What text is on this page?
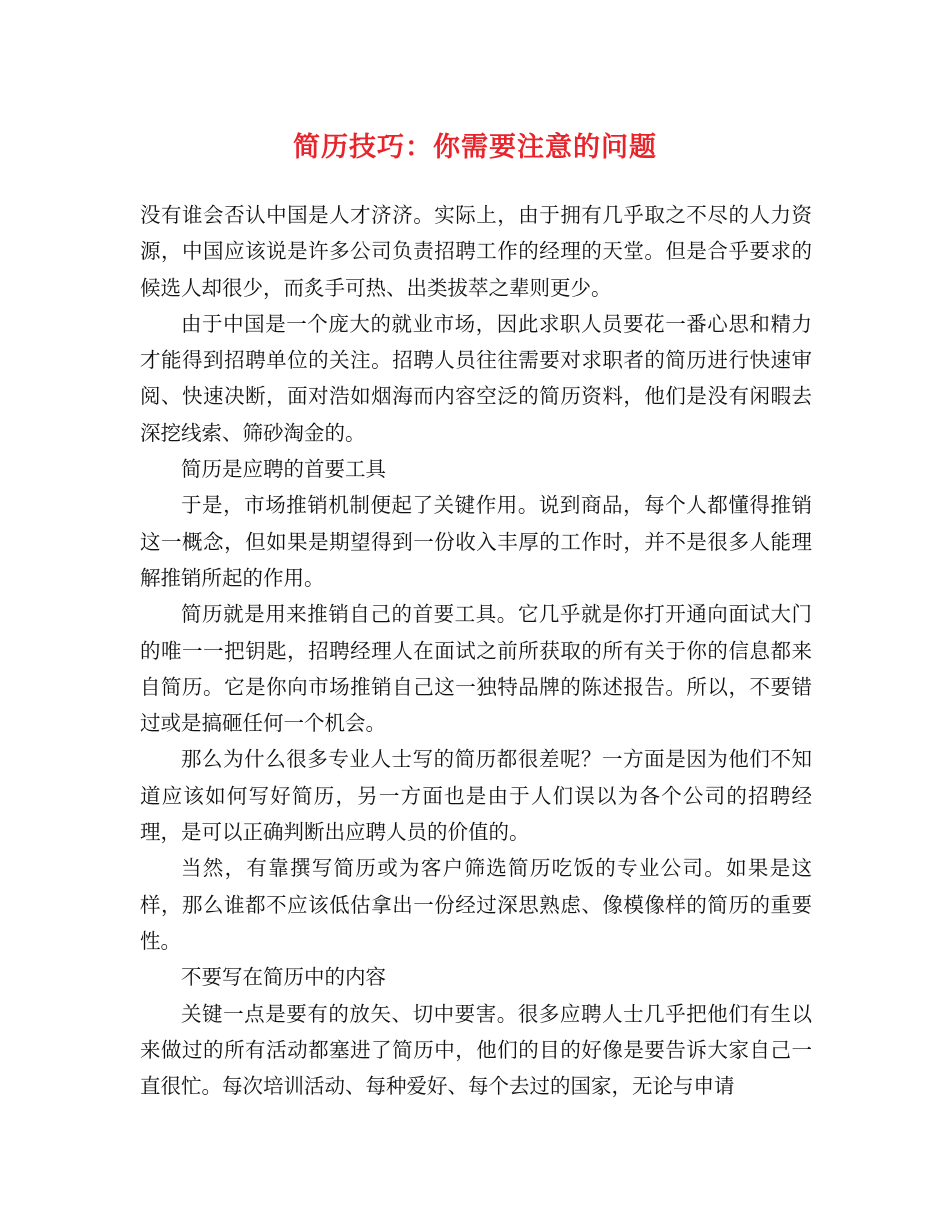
简历技巧：你需要注意的问题

没有谁会否认中国是人才济济。实际上，由于拥有几乎取之不尽的人力资源，中国应该说是许多公司负责招聘工作的经理的天堂。但是合乎要求的候选人却很少，而炙手可热、出类拔萃之辈则更少。

由于中国是一个庞大的就业市场，因此求职人员要花一番心思和精力才能得到招聘单位的关注。招聘人员往往需要对求职者的简历进行快速审阅、快速决断，面对浩如烟海而内容空泛的简历资料，他们是没有闲暇去深挖线索、筛砂淘金的。

简历是应聘的首要工具

于是，市场推销机制便起了关键作用。说到商品，每个人都懂得推销这一概念，但如果是期望得到一份收入丰厚的工作时，并不是很多人能理解推销所起的作用。

简历就是用来推销自己的首要工具。它几乎就是你打开通向面试大门的唯一一把钥匙，招聘经理人在面试之前所获取的所有关于你的信息都来自简历。它是你向市场推销自己这一独特品牌的陈述报告。所以，不要错过或是搞砸任何一个机会。

那么为什么很多专业人士写的简历都很差呢？一方面是因为他们不知道应该如何写好简历，另一方面也是由于人们误以为各个公司的招聘经理，是可以正确判断出应聘人员的价值的。

当然，有靠撰写简历或为客户筛选简历吃饭的专业公司。如果是这样，那么谁都不应该低估拿出一份经过深思熟虑、像模像样的简历的重要性。

不要写在简历中的内容

关键一点是要有的放矢、切中要害。很多应聘人士几乎把他们有生以来做过的所有活动都塞进了简历中，他们的目的好像是要告诉大家自己一直很忙。每次培训活动、每种爱好、每个去过的国家，无论与申请
